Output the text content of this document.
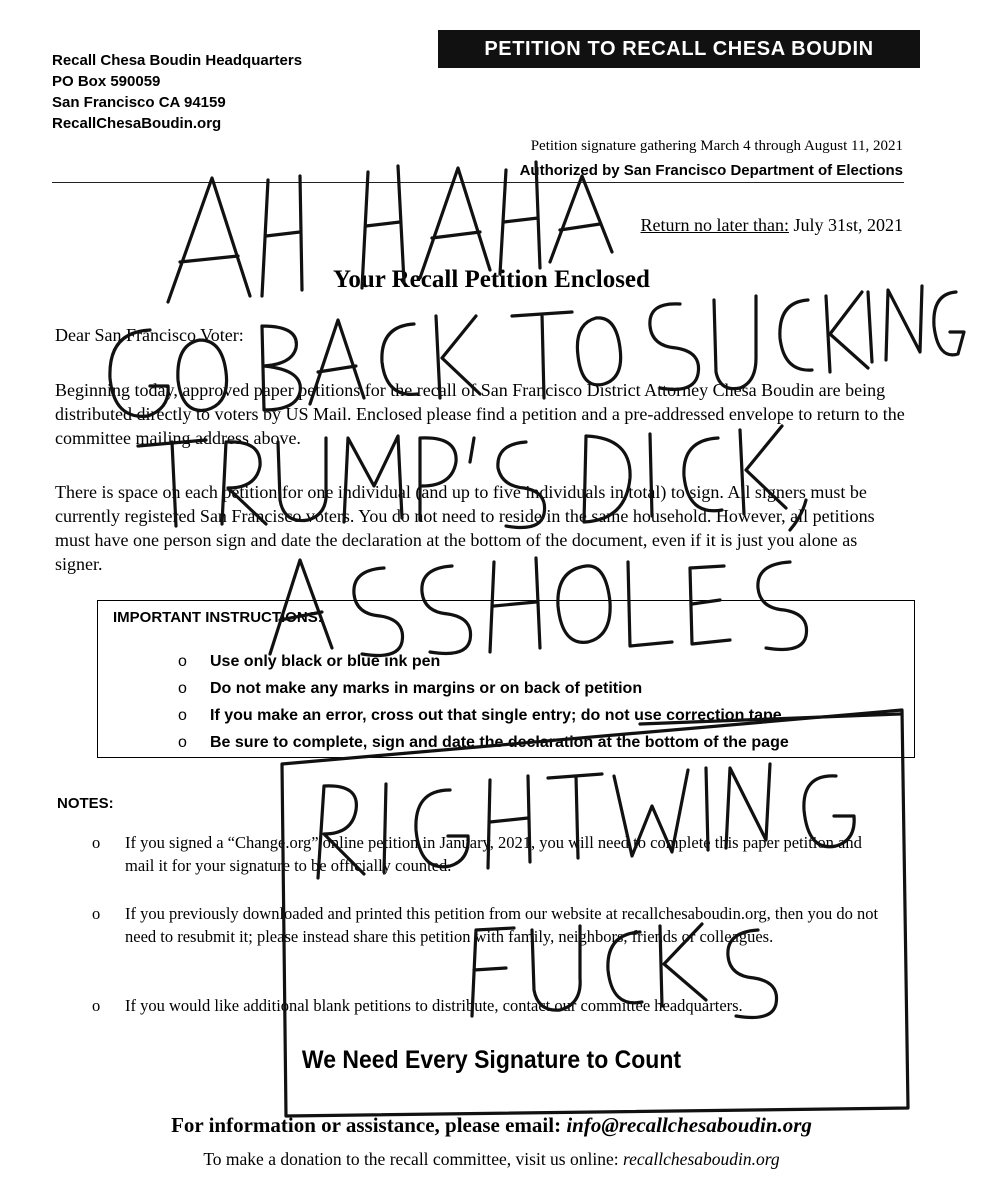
Recall Chesa Boudin Headquarters
PO Box 590059
San Francisco CA 94159
RecallChesaBoudin.org
PETITION TO RECALL CHESA BOUDIN
Petition signature gathering March 4 through August 11, 2021
Authorized by San Francisco Department of Elections
Return no later than: July 31st, 2021
Your Recall Petition Enclosed
Dear San Francisco Voter:
Beginning today, approved paper petitions for the recall of San Francisco District Attorney Chesa Boudin are being distributed directly to voters by US Mail. Enclosed please find a petition and a pre-addressed envelope to return to the committee mailing address above.
There is space on each petition for one individual (and up to five individuals in total) to sign. All signers must be currently registered San Francisco voters. You do not need to reside in the same household. However, all petitions must have one person sign and date the declaration at the bottom of the document, even if it is just you alone as signer.
IMPORTANT INSTRUCTIONS:
o Use only black or blue ink pen
o Do not make any marks in margins or on back of petition
o If you make an error, cross out that single entry; do not use correction tape
o Be sure to complete, sign and date the declaration at the bottom of the page
NOTES:
o If you signed a “Change.org” online petition in January, 2021, you will need to complete this paper petition and mail it for your signature to be officially counted.
o If you previously downloaded and printed this petition from our website at recallchesaboudin.org, then you do not need to resubmit it; please instead share this petition with family, neighbors, friends or colleagues.
o If you would like additional blank petitions to distribute, contact our committee headquarters.
We Need Every Signature to Count
For information or assistance, please email: info@recallchesaboudin.org
To make a donation to the recall committee, visit us online: recallchesaboudin.org
